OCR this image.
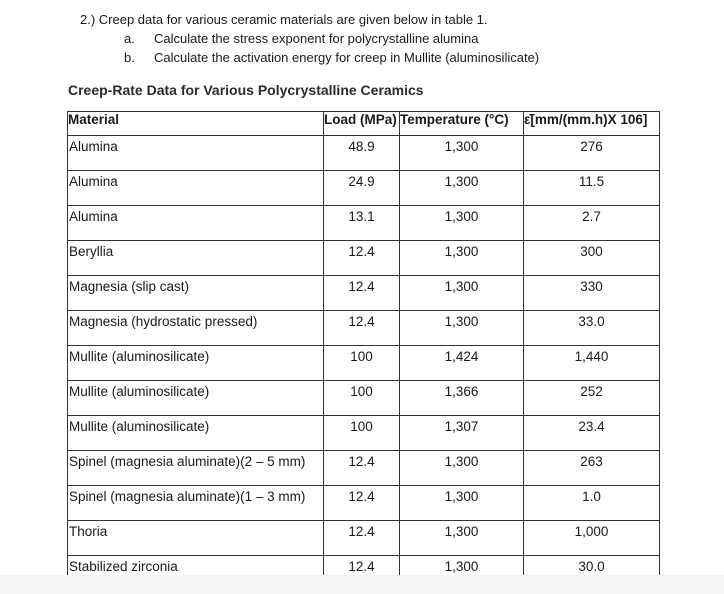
2.) Creep data for various ceramic materials are given below in table 1.
a. Calculate the stress exponent for polycrystalline alumina
b. Calculate the activation energy for creep in Mullite (aluminosilicate)
Creep-Rate Data for Various Polycrystalline Ceramics
Material	Load (MPa)	Temperature (°C)	ε̇[mm/(mm.h)X 106]
Alumina	48.9	1,300	276
Alumina	24.9	1,300	11.5
Alumina	13.1	1,300	2.7
Beryllia	12.4	1,300	300
Magnesia (slip cast)	12.4	1,300	330
Magnesia (hydrostatic pressed)	12.4	1,300	33.0
Mullite (aluminosilicate)	100	1,424	1,440
Mullite (aluminosilicate)	100	1,366	252
Mullite (aluminosilicate)	100	1,307	23.4
Spinel (magnesia aluminate)(2 – 5 mm)	12.4	1,300	263
Spinel (magnesia aluminate)(1 – 3 mm)	12.4	1,300	1.0
Thoria	12.4	1,300	1,000
Stabilized zirconia	12.4	1,300	30.0
